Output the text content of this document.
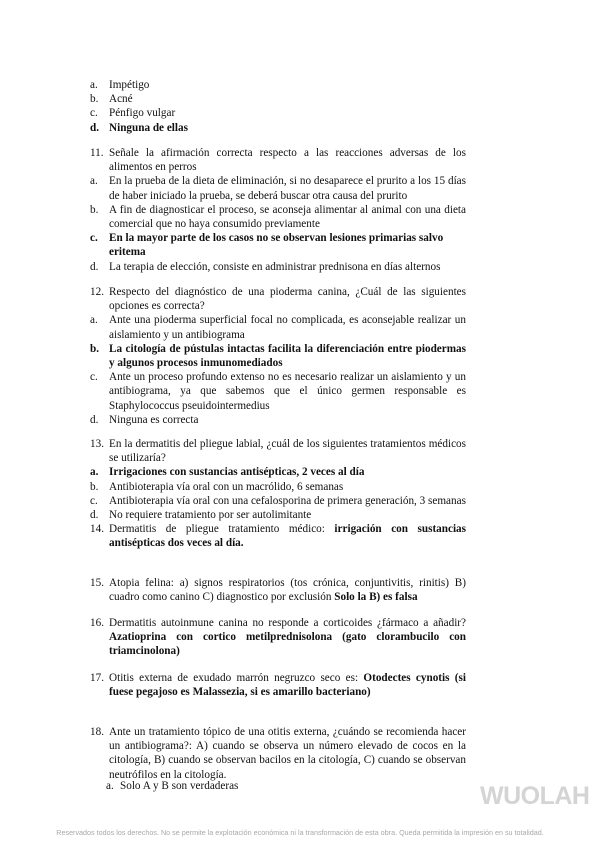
a. Impétigo
b. Acné
c. Pénfigo vulgar
d. Ninguna de ellas
11. Señale la afirmación correcta respecto a las reacciones adversas de los alimentos en perros
a. En la prueba de la dieta de eliminación, si no desaparece el prurito a los 15 días de haber iniciado la prueba, se deberá buscar otra causa del prurito
b. A fin de diagnosticar el proceso, se aconseja alimentar al animal con una dieta comercial que no haya consumido previamente
c. En la mayor parte de los casos no se observan lesiones primarias salvo eritema
d. La terapia de elección, consiste en administrar prednisona en días alternos
12. Respecto del diagnóstico de una pioderma canina, ¿Cuál de las siguientes opciones es correcta?
a. Ante una pioderma superficial focal no complicada, es aconsejable realizar un aislamiento y un antibiograma
b. La citología de pústulas intactas facilita la diferenciación entre piodermas y algunos procesos inmunomediados
c. Ante un proceso profundo extenso no es necesario realizar un aislamiento y un antibiograma, ya que sabemos que el único germen responsable es Staphylococcus pseuidointermedius
d. Ninguna es correcta
13. En la dermatitis del pliegue labial, ¿cuál de los siguientes tratamientos médicos se utilizaría?
a. Irrigaciones con sustancias antisépticas, 2 veces al día
b. Antibioterapia vía oral con un macrólido, 6 semanas
c. Antibioterapia vía oral con una cefalosporina de primera generación, 3 semanas
d. No requiere tratamiento por ser autolimitante
14. Dermatitis de pliegue tratamiento médico: irrigación con sustancias antisépticas dos veces al día.
15. Atopia felina: a) signos respiratorios (tos crónica, conjuntivitis, rinitis) B) cuadro como canino C) diagnostico por exclusión Solo la B) es falsa
16. Dermatitis autoinmune canina no responde a corticoides ¿fármaco a añadir? Azatioprina con cortico metilprednisolona (gato clorambucilo con triamcinolona)
17. Otitis externa de exudado marrón negruzco seco es: Otodectes cynotis (si fuese pegajoso es Malassezia, si es amarillo bacteriano)
18. Ante un tratamiento tópico de una otitis externa, ¿cuándo se recomienda hacer un antibiograma?: A) cuando se observa un número elevado de cocos en la citología, B) cuando se observan bacilos en la citología, C) cuando se observan neutrófilos en la citología.
a. Solo A y B son verdaderas	WUOLAH
Reservados todos los derechos. No se permite la explotación económica ni la transformación de esta obra. Queda permitida la impresión en su totalidad.
